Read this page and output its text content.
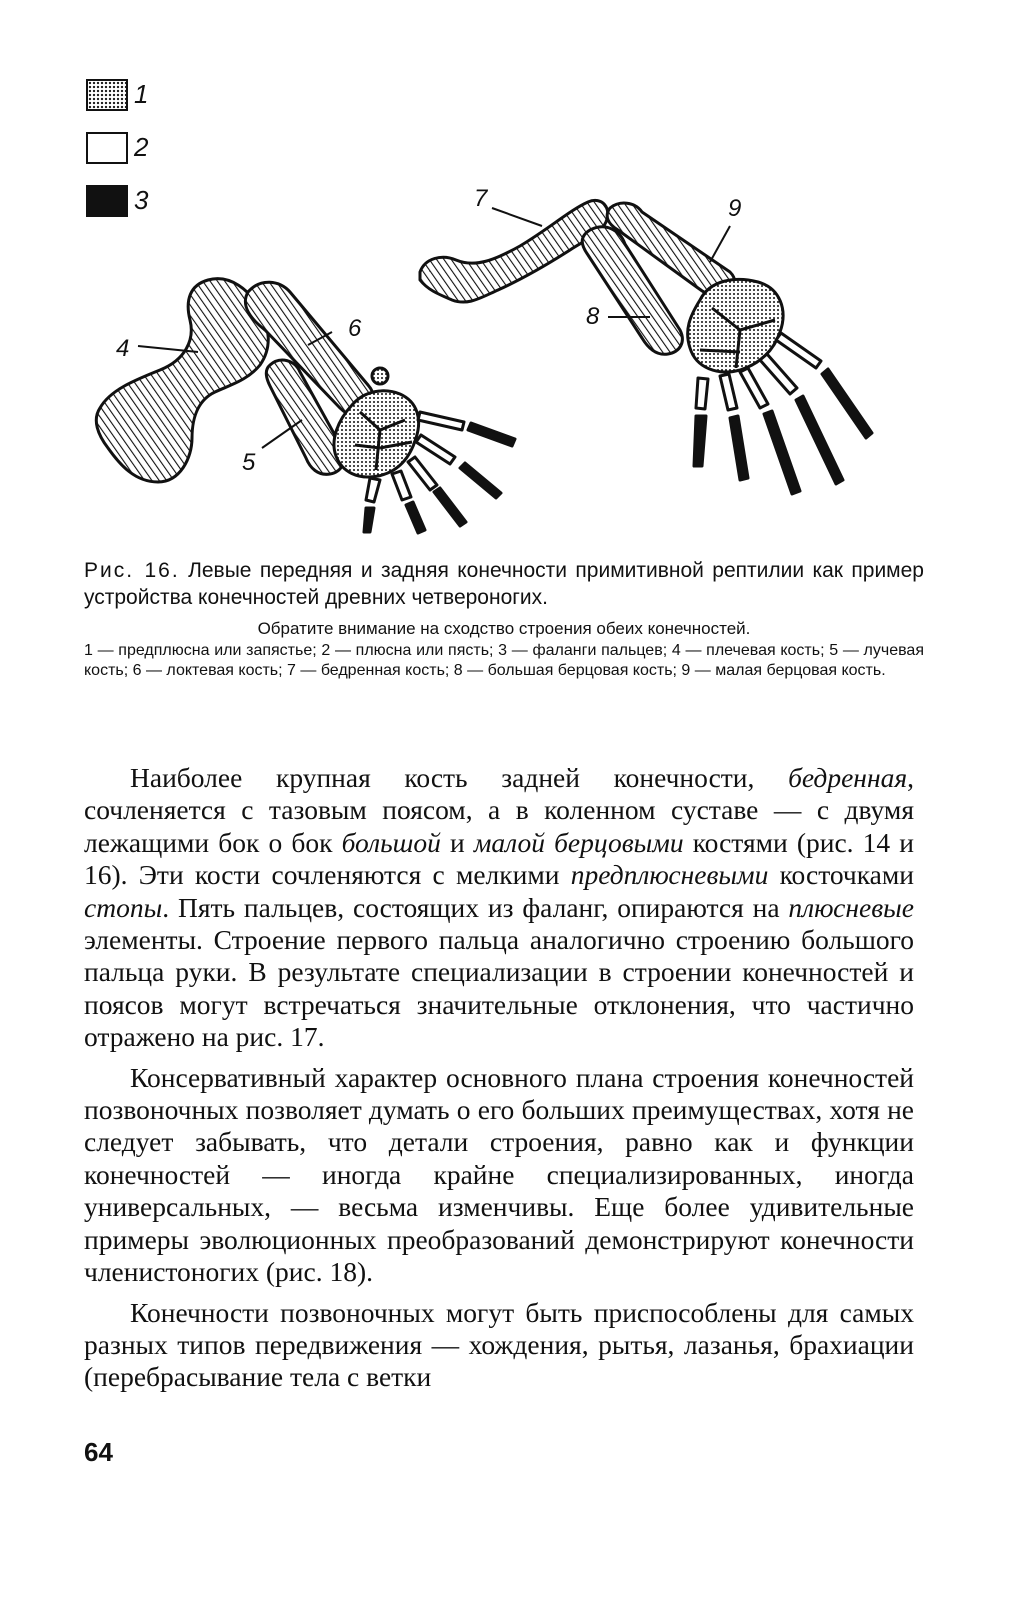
1
2
3
4
5
6
7
8
9

Рис. 16. Левые передняя и задняя конечности примитивной рептилии как пример устройства конечностей древних четвероногих.

Обратите внимание на сходство строения обеих конечностей.

1 — предплюсна или запястье; 2 — плюсна или пясть; 3 — фаланги пальцев; 4 — плечевая кость; 5 — лучевая кость; 6 — локтевая кость; 7 — бедренная кость; 8 — большая берцовая кость; 9 — малая берцовая кость.

Наиболее крупная кость задней конечности, бедренная, сочленяется с тазовым поясом, а в коленном суставе — с двумя лежащими бок о бок большой и малой берцовыми костями (рис. 14 и 16). Эти кости сочленяются с мелкими предплюсневыми косточками стопы. Пять пальцев, состоящих из фаланг, опираются на плюсневые элементы. Строение первого пальца аналогично строению большого пальца руки. В результате специализации в строении конечностей и поясов могут встречаться значительные отклонения, что частично отражено на рис. 17.

Консервативный характер основного плана строения конечностей позвоночных позволяет думать о его больших преимуществах, хотя не следует забывать, что детали строения, равно как и функции конечностей — иногда крайне специализированных, иногда универсальных, — весьма изменчивы. Еще более удивительные примеры эволюционных преобразований демонстрируют конечности членистоногих (рис. 18).

Конечности позвоночных могут быть приспособлены для самых разных типов передвижения — хождения, рытья, лазанья, брахиации (перебрасывание тела с ветки

64
